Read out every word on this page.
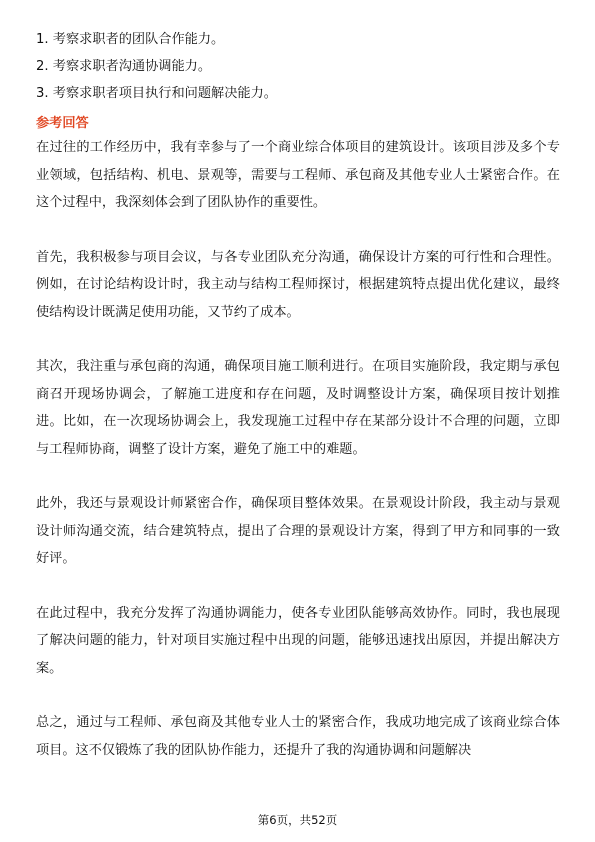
1. 考察求职者的团队合作能力。
2. 考察求职者沟通协调能力。
3. 考察求职者项目执行和问题解决能力。
参考回答

在过往的工作经历中，我有幸参与了一个商业综合体项目的建筑设计。该项目涉及多个专业领域，包括结构、机电、景观等，需要与工程师、承包商及其他专业人士紧密合作。在这个过程中，我深刻体会到了团队协作的重要性。

首先，我积极参与项目会议，与各专业团队充分沟通，确保设计方案的可行性和合理性。例如，在讨论结构设计时，我主动与结构工程师探讨，根据建筑特点提出优化建议，最终使结构设计既满足使用功能，又节约了成本。

其次，我注重与承包商的沟通，确保项目施工顺利进行。在项目实施阶段，我定期与承包商召开现场协调会，了解施工进度和存在问题，及时调整设计方案，确保项目按计划推进。比如，在一次现场协调会上，我发现施工过程中存在某部分设计不合理的问题，立即与工程师协商，调整了设计方案，避免了施工中的难题。

此外，我还与景观设计师紧密合作，确保项目整体效果。在景观设计阶段，我主动与景观设计师沟通交流，结合建筑特点，提出了合理的景观设计方案，得到了甲方和同事的一致好评。

在此过程中，我充分发挥了沟通协调能力，使各专业团队能够高效协作。同时，我也展现了解决问题的能力，针对项目实施过程中出现的问题，能够迅速找出原因，并提出解决方案。

总之，通过与工程师、承包商及其他专业人士的紧密合作，我成功地完成了该商业综合体项目。这不仅锻炼了我的团队协作能力，还提升了我的沟通协调和问题解决

第6页，共52页
